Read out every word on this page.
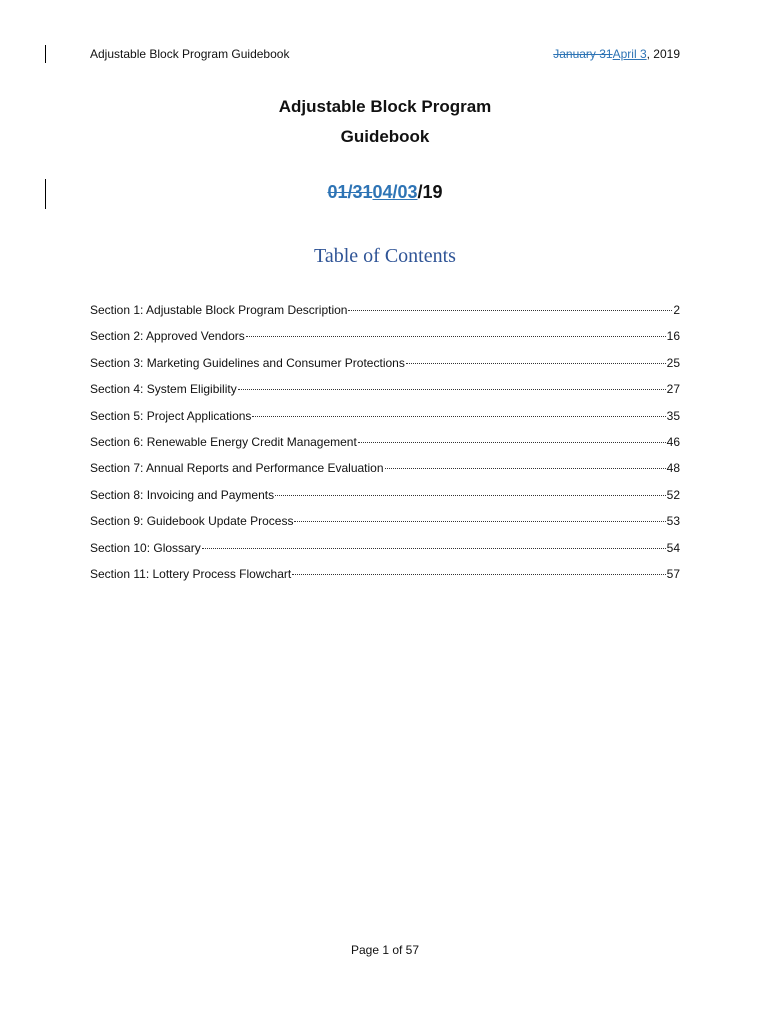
Adjustable Block Program Guidebook	January 31April 3, 2019
Adjustable Block Program
Guidebook
01/3104/03/19
Table of Contents
Section 1: Adjustable Block Program Description	2
Section 2: Approved Vendors	16
Section 3: Marketing Guidelines and Consumer Protections	25
Section 4: System Eligibility	27
Section 5: Project Applications	35
Section 6: Renewable Energy Credit Management	46
Section 7: Annual Reports and Performance Evaluation	48
Section 8: Invoicing and Payments	52
Section 9: Guidebook Update Process	53
Section 10: Glossary	54
Section 11: Lottery Process Flowchart	57
Page 1 of 57
